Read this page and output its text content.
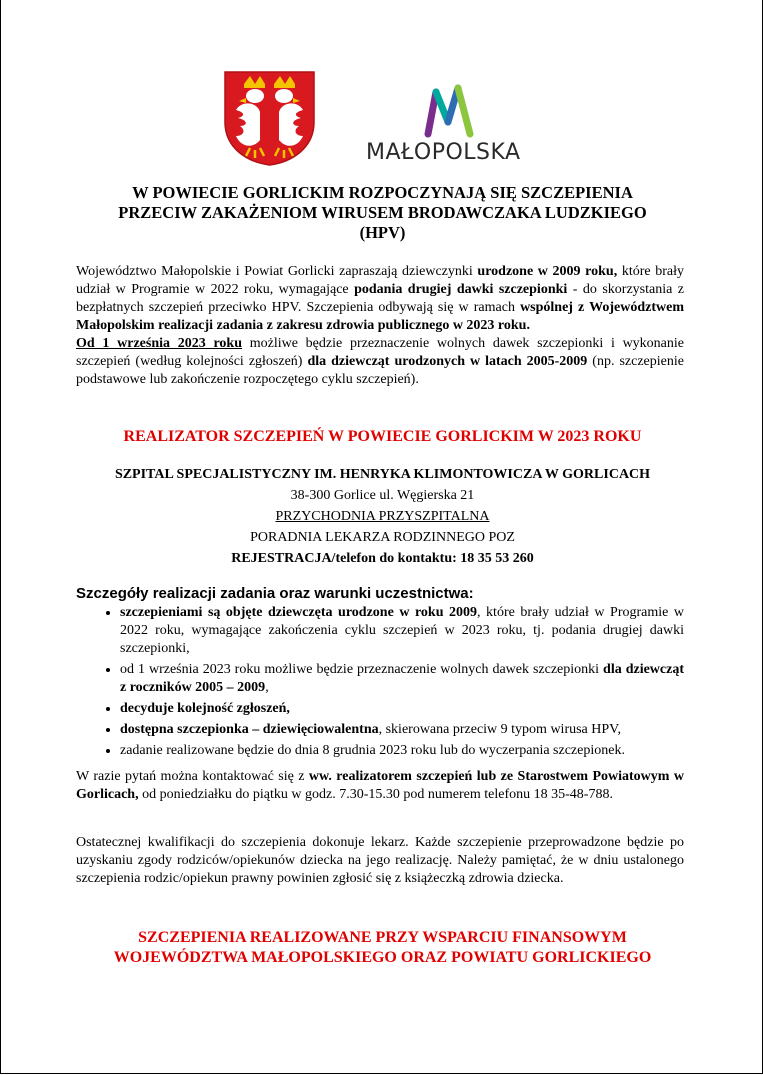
MAŁOPOLSKA
W POWIECIE GORLICKIM ROZPOCZYNAJĄ SIĘ SZCZEPIENIA
PRZECIW ZAKAŻENIOM WIRUSEM BRODAWCZAKA LUDZKIEGO
(HPV)
Województwo Małopolskie i Powiat Gorlicki zapraszają dziewczynki urodzone w 2009 roku, które brały udział w Programie w 2022 roku, wymagające podania drugiej dawki szczepionki - do skorzystania z bezpłatnych szczepień przeciwko HPV. Szczepienia odbywają się w ramach wspólnej z Województwem Małopolskim realizacji zadania z zakresu zdrowia publicznego w 2023 roku.
Od 1 września 2023 roku możliwe będzie przeznaczenie wolnych dawek szczepionki i wykonanie szczepień (według kolejności zgłoszeń) dla dziewcząt urodzonych w latach 2005-2009 (np. szczepienie podstawowe lub zakończenie rozpoczętego cyklu szczepień).
REALIZATOR SZCZEPIEŃ W POWIECIE GORLICKIM W 2023 ROKU
SZPITAL SPECJALISTYCZNY IM. HENRYKA KLIMONTOWICZA W GORLICACH
38-300 Gorlice ul. Węgierska 21
PRZYCHODNIA PRZYSZPITALNA
PORADNIA LEKARZA RODZINNEGO POZ
REJESTRACJA/telefon do kontaktu: 18 35 53 260
Szczegóły realizacji zadania oraz warunki uczestnictwa:
• szczepieniami są objęte dziewczęta urodzone w roku 2009, które brały udział w Programie w 2022 roku, wymagające zakończenia cyklu szczepień w 2023 roku, tj. podania drugiej dawki szczepionki,
• od 1 września 2023 roku możliwe będzie przeznaczenie wolnych dawek szczepionki dla dziewcząt z roczników 2005 – 2009,
• decyduje kolejność zgłoszeń,
• dostępna szczepionka – dziewięciowalentna, skierowana przeciw 9 typom wirusa HPV,
• zadanie realizowane będzie do dnia 8 grudnia 2023 roku lub do wyczerpania szczepionek.
W razie pytań można kontaktować się z ww. realizatorem szczepień lub ze Starostwem Powiatowym w Gorlicach, od poniedziałku do piątku w godz. 7.30-15.30 pod numerem telefonu 18 35-48-788.
Ostatecznej kwalifikacji do szczepienia dokonuje lekarz. Każde szczepienie przeprowadzone będzie po uzyskaniu zgody rodziców/opiekunów dziecka na jego realizację. Należy pamiętać, że w dniu ustalonego szczepienia rodzic/opiekun prawny powinien zgłosić się z książeczką zdrowia dziecka.
SZCZEPIENIA REALIZOWANE PRZY WSPARCIU FINANSOWYM
WOJEWÓDZTWA MAŁOPOLSKIEGO ORAZ POWIATU GORLICKIEGO
